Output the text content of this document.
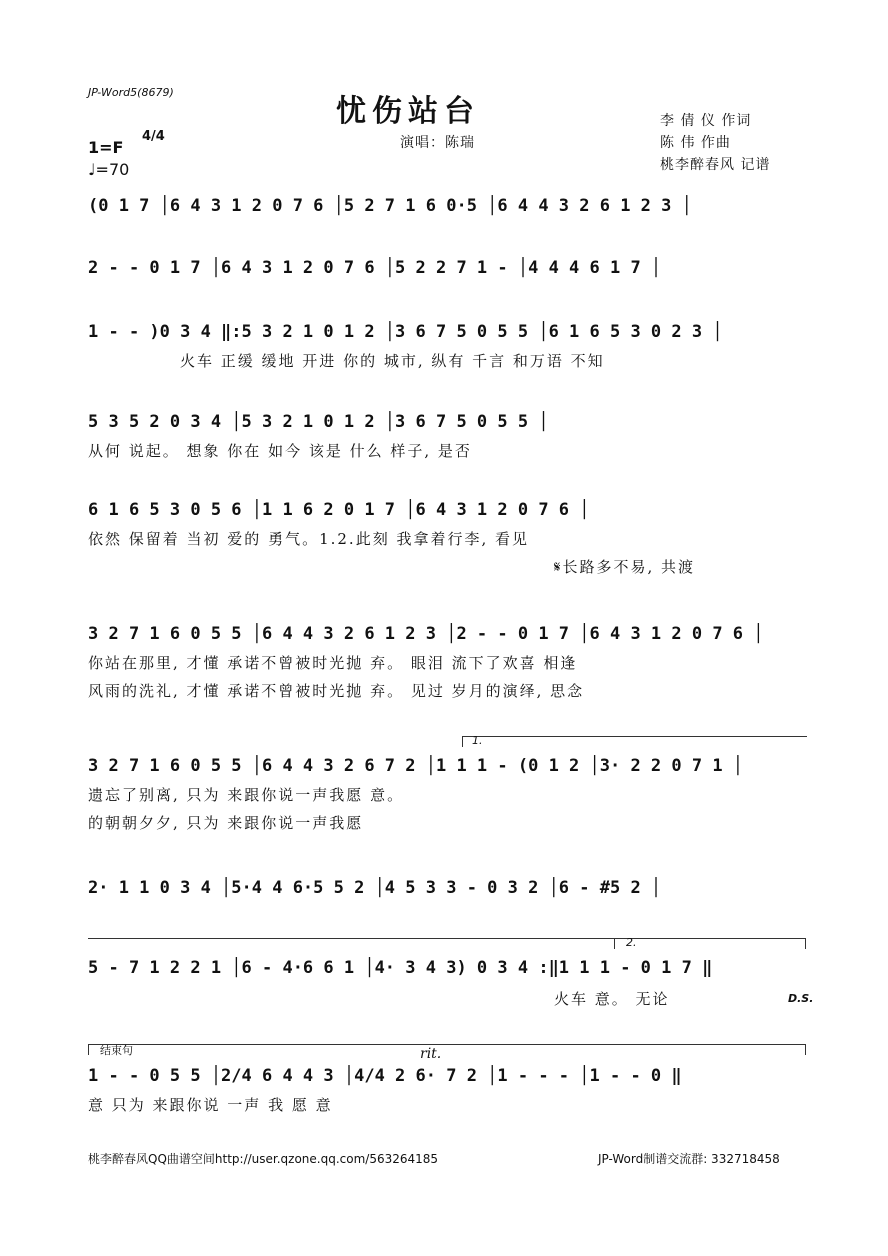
JP-Word5(8679)
忧伤站台
演唱：陈瑞
李 倩 仪 作词
陈 伟 作曲
桃李醉春风 记谱
1=F
4/4
♩=70
(0 1 7 │6 4 3 1 2 0 7 6 │5 2 7 1 6 0·5 │6 4 4 3 2 6 1 2 3 │
2 - - 0 1 7 │6 4 3 1 2 0 7 6 │5 2 2 7 1 - │4 4 4 6 1 7 │
1 - - )0 3 4 ‖:5 3 2 1 0 1 2 │3 6 7 5 0 5 5 │6 1 6 5 3 0 2 3 │
火车 正缓 缓地 开进 你的 城市, 纵有 千言 和万语 不知
5 3 5 2 0 3 4 │5 3 2 1 0 1 2 │3 6 7 5 0 5 5 │
从何 说起。 想象 你在 如今 该是 什么 样子, 是否
6 1 6 5 3 0 5 6 │1 1 6 2 0 1 7 │6 4 3 1 2 0 7 6 │
依然 保留着 当初 爱的 勇气。1.2.此刻 我拿着行李, 看见
𝄋长路多不易, 共渡
3 2 7 1 6 0 5 5 │6 4 4 3 2 6 1 2 3 │2 - - 0 1 7 │6 4 3 1 2 0 7 6 │
你站在那里, 才懂 承诺不曾被时光抛 弃。 眼泪 流下了欢喜 相逢
风雨的洗礼, 才懂 承诺不曾被时光抛 弃。 见过 岁月的演绎, 思念
1.
3 2 7 1 6 0 5 5 │6 4 4 3 2 6 7 2 │1 1 1 - (0 1 2 │3· 2 2 0 7 1 │
遗忘了别离, 只为 来跟你说一声我愿 意。
的朝朝夕夕, 只为 来跟你说一声我愿
2· 1 1 0 3 4 │5·4 4 6·5 5 2 │4 5 3 3 - 0 3 2 │6 - #5 2 │
2.
5 - 7 1 2 2 1 │6 - 4·6 6 1 │4· 3 4 3) 0 3 4 :‖1 1 1 - 0 1 7 ‖
火车 意。 无论	D.S.
结束句	rit.
1 - - 0 5 5 │2/4 6 4 4 3 │4/4 2 6· 7 2 │1 - - - │1 - - 0 ‖
意 只为 来跟你说 一声 我 愿 意
桃李醉春风QQ曲谱空间http://user.qzone.qq.com/563264185	JP-Word制谱交流群: 332718458
